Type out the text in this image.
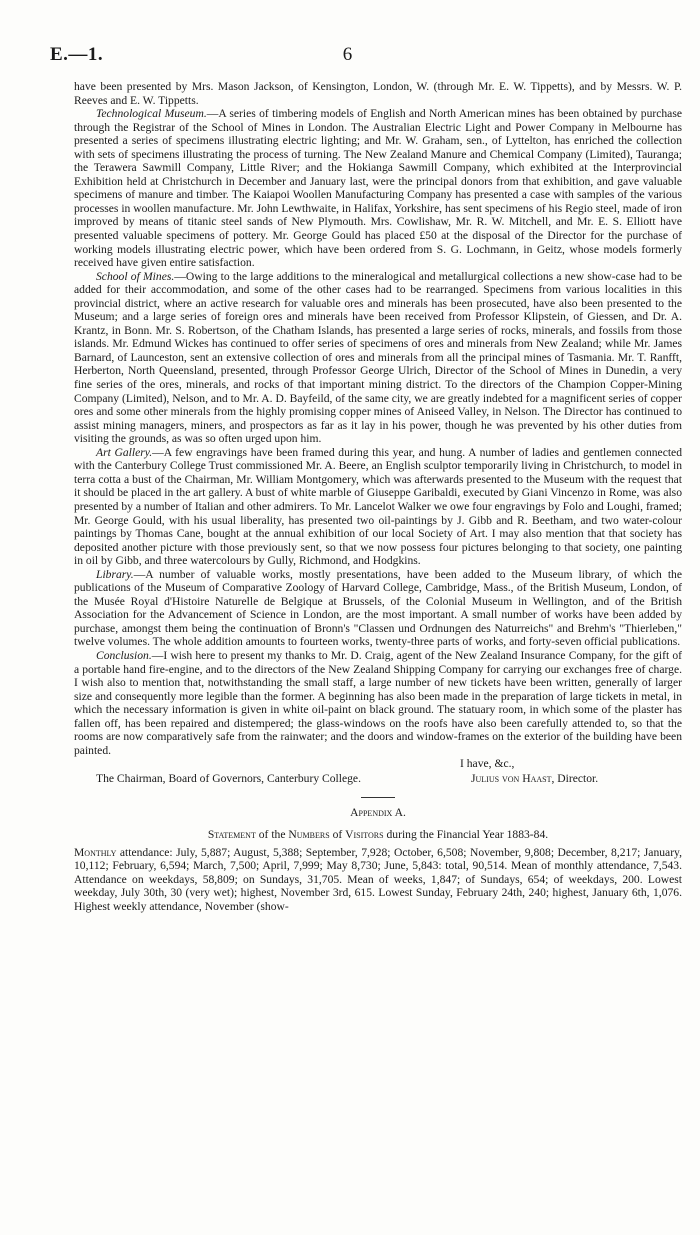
E.—1.	6

have been presented by Mrs. Mason Jackson, of Kensington, London, W. (through Mr. E. W. Tippetts), and by Messrs. W. P. Reeves and E. W. Tippetts.

Technological Museum.—A series of timbering models of English and North American mines has been obtained by purchase through the Registrar of the School of Mines in London. The Australian Electric Light and Power Company in Melbourne has presented a series of specimens illustrating electric lighting; and Mr. W. Graham, sen., of Lyttelton, has enriched the collection with sets of specimens illustrating the process of turning. The New Zealand Manure and Chemical Company (Limited), Tauranga; the Terawera Sawmill Company, Little River; and the Hokianga Sawmill Company, which exhibited at the Interprovincial Exhibition held at Christchurch in December and January last, were the principal donors from that exhibition, and gave valuable specimens of manure and timber. The Kaiapoi Woollen Manufacturing Company has presented a case with samples of the various processes in woollen manufacture. Mr. John Lewthwaite, in Halifax, Yorkshire, has sent specimens of his Regio steel, made of iron improved by means of titanic steel sands of New Plymouth. Mrs. Cowlishaw, Mr. R. W. Mitchell, and Mr. E. S. Elliott have presented valuable specimens of pottery. Mr. George Gould has placed £50 at the disposal of the Director for the purchase of working models illustrating electric power, which have been ordered from S. G. Lochmann, in Geitz, whose models formerly received have given entire satisfaction.

School of Mines.—Owing to the large additions to the mineralogical and metallurgical collections a new show-case had to be added for their accommodation, and some of the other cases had to be rearranged. Specimens from various localities in this provincial district, where an active research for valuable ores and minerals has been prosecuted, have also been presented to the Museum; and a large series of foreign ores and minerals have been received from Professor Klipstein, of Giessen, and Dr. A. Krantz, in Bonn. Mr. S. Robertson, of the Chatham Islands, has presented a large series of rocks, minerals, and fossils from those islands. Mr. Edmund Wickes has continued to offer series of specimens of ores and minerals from New Zealand; while Mr. James Barnard, of Launceston, sent an extensive collection of ores and minerals from all the principal mines of Tasmania. Mr. T. Ranfft, Herberton, North Queensland, presented, through Professor George Ulrich, Director of the School of Mines in Dunedin, a very fine series of the ores, minerals, and rocks of that important mining district. To the directors of the Champion Copper-Mining Company (Limited), Nelson, and to Mr. A. D. Bayfeild, of the same city, we are greatly indebted for a magnificent series of copper ores and some other minerals from the highly promising copper mines of Aniseed Valley, in Nelson. The Director has continued to assist mining managers, miners, and prospectors as far as it lay in his power, though he was prevented by his other duties from visiting the grounds, as was so often urged upon him.

Art Gallery.—A few engravings have been framed during this year, and hung. A number of ladies and gentlemen connected with the Canterbury College Trust commissioned Mr. A. Beere, an English sculptor temporarily living in Christchurch, to model in terra cotta a bust of the Chairman, Mr. William Montgomery, which was afterwards presented to the Museum with the request that it should be placed in the art gallery. A bust of white marble of Giuseppe Garibaldi, executed by Giani Vincenzo in Rome, was also presented by a number of Italian and other admirers. To Mr. Lancelot Walker we owe four engravings by Folo and Loughi, framed; Mr. George Gould, with his usual liberality, has presented two oil-paintings by J. Gibb and R. Beetham, and two water-colour paintings by Thomas Cane, bought at the annual exhibition of our local Society of Art. I may also mention that that society has deposited another picture with those previously sent, so that we now possess four pictures belonging to that society, one painting in oil by Gibb, and three watercolours by Gully, Richmond, and Hodgkins.

Library.—A number of valuable works, mostly presentations, have been added to the Museum library, of which the publications of the Museum of Comparative Zoology of Harvard College, Cambridge, Mass., of the British Museum, London, of the Musée Royal d'Histoire Naturelle de Belgique at Brussels, of the Colonial Museum in Wellington, and of the British Association for the Advancement of Science in London, are the most important. A small number of works have been added by purchase, amongst them being the continuation of Bronn's "Classen und Ordnungen des Naturreichs" and Brehm's "Thierleben," twelve volumes. The whole addition amounts to fourteen works, twenty-three parts of works, and forty-seven official publications.

Conclusion.—I wish here to present my thanks to Mr. D. Craig, agent of the New Zealand Insurance Company, for the gift of a portable hand fire-engine, and to the directors of the New Zealand Shipping Company for carrying our exchanges free of charge. I wish also to mention that, notwithstanding the small staff, a large number of new tickets have been written, generally of larger size and consequently more legible than the former. A beginning has also been made in the preparation of large tickets in metal, in which the necessary information is given in white oil-paint on black ground. The statuary room, in which some of the plaster has fallen off, has been repaired and distempered; the glass-windows on the roofs have also been carefully attended to, so that the rooms are now comparatively safe from the rainwater; and the doors and window-frames on the exterior of the building have been painted.

I have, &c.,

The Chairman, Board of Governors, Canterbury College.	Julius von Haast, Director.

Appendix A.

Statement of the Numbers of Visitors during the Financial Year 1883-84.

Monthly attendance: July, 5,887; August, 5,388; September, 7,928; October, 6,508; November, 9,808; December, 8,217; January, 10,112; February, 6,594; March, 7,500; April, 7,999; May 8,730; June, 5,843: total, 90,514. Mean of monthly attendance, 7,543. Attendance on weekdays, 58,809; on Sundays, 31,705. Mean of weeks, 1,847; of Sundays, 654; of weekdays, 200. Lowest weekday, July 30th, 30 (very wet); highest, November 3rd, 615. Lowest Sunday, February 24th, 240; highest, January 6th, 1,076. Highest weekly attendance, November (show-
